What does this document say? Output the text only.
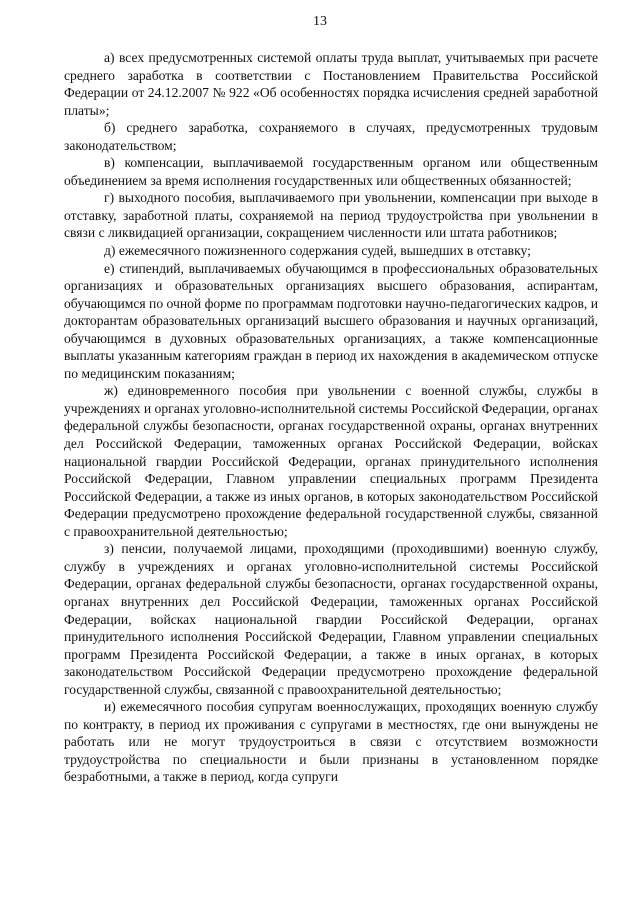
13

а) всех предусмотренных системой оплаты труда выплат, учитываемых при расчете среднего заработка в соответствии с Постановлением Правительства Российской Федерации от 24.12.2007 № 922 «Об особенностях порядка исчисления средней заработной платы»;

б) среднего заработка, сохраняемого в случаях, предусмотренных трудовым законодательством;

в) компенсации, выплачиваемой государственным органом или общественным объединением за время исполнения государственных или общественных обязанностей;

г) выходного пособия, выплачиваемого при увольнении, компенсации при выходе в отставку, заработной платы, сохраняемой на период трудоустройства при увольнении в связи с ликвидацией организации, сокращением численности или штата работников;

д) ежемесячного пожизненного содержания судей, вышедших в отставку;

е) стипендий, выплачиваемых обучающимся в профессиональных образовательных организациях и образовательных организациях высшего образования, аспирантам, обучающимся по очной форме по программам подготовки научно-педагогических кадров, и докторантам образовательных организаций высшего образования и научных организаций, обучающимся в духовных образовательных организациях, а также компенсационные выплаты указанным категориям граждан в период их нахождения в академическом отпуске по медицинским показаниям;

ж) единовременного пособия при увольнении с военной службы, службы в учреждениях и органах уголовно-исполнительной системы Российской Федерации, органах федеральной службы безопасности, органах государственной охраны, органах внутренних дел Российской Федерации, таможенных органах Российской Федерации, войсках национальной гвардии Российской Федерации, органах принудительного исполнения Российской Федерации, Главном управлении специальных программ Президента Российской Федерации, а также из иных органов, в которых законодательством Российской Федерации предусмотрено прохождение федеральной государственной службы, связанной с правоохранительной деятельностью;

з) пенсии, получаемой лицами, проходящими (проходившими) военную службу, службу в учреждениях и органах уголовно-исполнительной системы Российской Федерации, органах федеральной службы безопасности, органах государственной охраны, органах внутренних дел Российской Федерации, таможенных органах Российской Федерации, войсках национальной гвардии Российской Федерации, органах принудительного исполнения Российской Федерации, Главном управлении специальных программ Президента Российской Федерации, а также в иных органах, в которых законодательством Российской Федерации предусмотрено прохождение федеральной государственной службы, связанной с правоохранительной деятельностью;

и) ежемесячного пособия супругам военнослужащих, проходящих военную службу по контракту, в период их проживания с супругами в местностях, где они вынуждены не работать или не могут трудоустроиться в связи с отсутствием возможности трудоустройства по специальности и были признаны в установленном порядке безработными, а также в период, когда супруги
